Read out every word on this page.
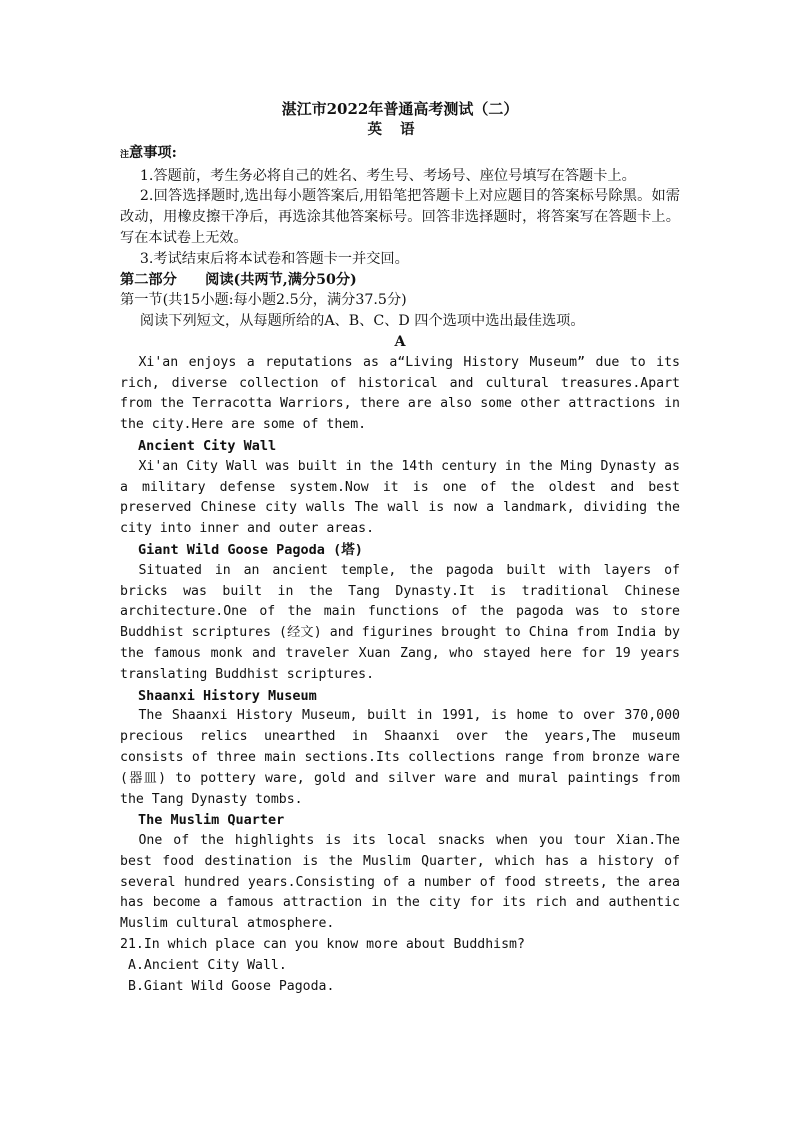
湛江市2022年普通高考测试（二）
英语
注意事项:

1.答题前，考生务必将自己的姓名、考生号、考场号、座位号填写在答题卡上。

2.回答选择题时,选出每小题答案后,用铅笔把答题卡上对应题目的答案标号除黑。如需改动，用橡皮擦干净后，再选涂其他答案标号。回答非选择题时，将答案写在答题卡上。写在本试卷上无效。

3.考试结束后将本试卷和答题卡一并交回。

第二部分　　阅读(共两节,满分50分)
第一节(共15小题:每小题2.5分，满分37.5分)

阅读下列短文，从每题所给的A、B、C、D 四个选项中选出最佳选项。

A

Xi'an enjoys a reputations as a“Living History Museum” due to its rich, diverse collection of historical and cultural treasures.Apart from the Terracotta Warriors, there are also some other attractions in the city.Here are some of them.

Ancient City Wall

Xi'an City Wall was built in the 14th century in the Ming Dynasty as a military defense system.Now it is one of the oldest and best preserved Chinese city walls The wall is now a landmark, dividing the city into inner and outer areas.

Giant Wild Goose Pagoda (塔)

Situated in an ancient temple, the pagoda built with layers of bricks was built in the Tang Dynasty.It is traditional Chinese architecture.One of the main functions of the pagoda was to store Buddhist scriptures (经文) and figurines brought to China from India by the famous monk and traveler Xuan Zang, who stayed here for 19 years translating Buddhist scriptures.

Shaanxi History Museum

The Shaanxi History Museum, built in 1991, is home to over 370,000 precious relics unearthed in Shaanxi over the years,The museum consists of three main sections.Its collections range from bronze ware (器皿) to pottery ware, gold and silver ware and mural paintings from the Tang Dynasty tombs.

The Muslim Quarter

One of the highlights is its local snacks when you tour Xian.The best food destination is the Muslim Quarter, which has a history of several hundred years.Consisting of a number of food streets, the area has become a famous attraction in the city for its rich and authentic Muslim cultural atmosphere.

21.In which place can you know more about Buddhism?
A.Ancient City Wall.
B.Giant Wild Goose Pagoda.
